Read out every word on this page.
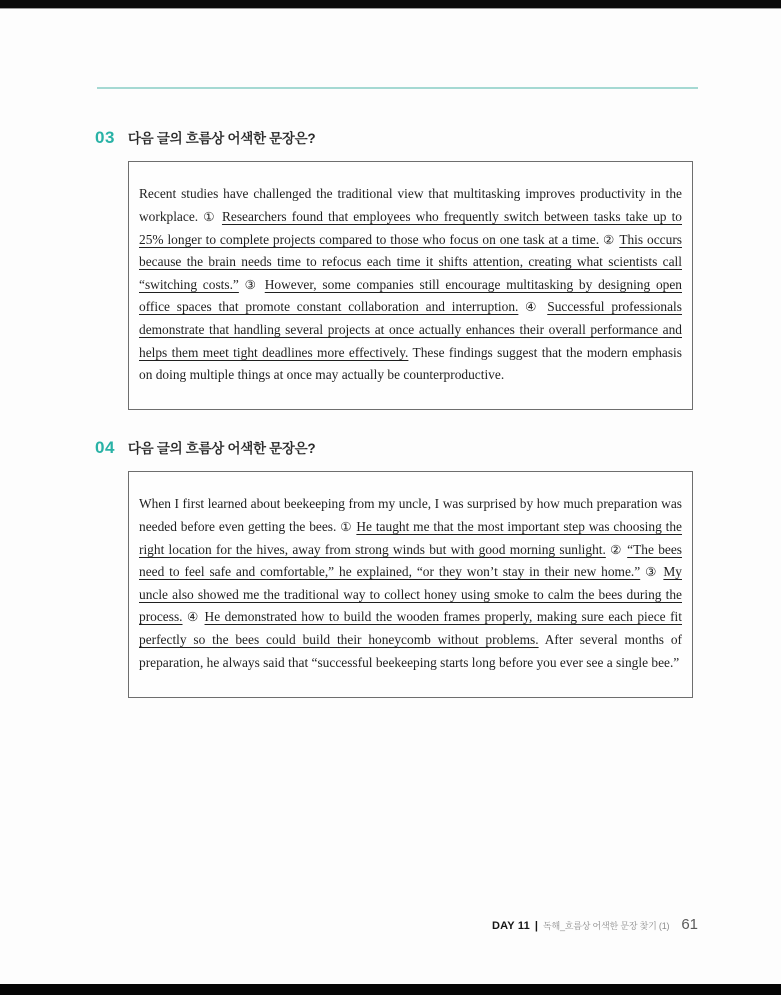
03 다음 글의 흐름상 어색한 문장은?

Recent studies have challenged the traditional view that multitasking improves productivity in the workplace. ① Researchers found that employees who frequently switch between tasks take up to 25% longer to complete projects compared to those who focus on one task at a time. ② This occurs because the brain needs time to refocus each time it shifts attention, creating what scientists call “switching costs.” ③ However, some companies still encourage multitasking by designing open office spaces that promote constant collaboration and interruption. ④ Successful professionals demonstrate that handling several projects at once actually enhances their overall performance and helps them meet tight deadlines more effectively. These findings suggest that the modern emphasis on doing multiple things at once may actually be counterproductive.

04 다음 글의 흐름상 어색한 문장은?

When I first learned about beekeeping from my uncle, I was surprised by how much preparation was needed before even getting the bees. ① He taught me that the most important step was choosing the right location for the hives, away from strong winds but with good morning sunlight. ② “The bees need to feel safe and comfortable,” he explained, “or they won’t stay in their new home.” ③ My uncle also showed me the traditional way to collect honey using smoke to calm the bees during the process. ④ He demonstrated how to build the wooden frames properly, making sure each piece fit perfectly so the bees could build their honeycomb without problems. After several months of preparation, he always said that “successful beekeeping starts long before you ever see a single bee.”

DAY 11 | 독해_흐름상 어색한 문장 찾기 (1) 61
